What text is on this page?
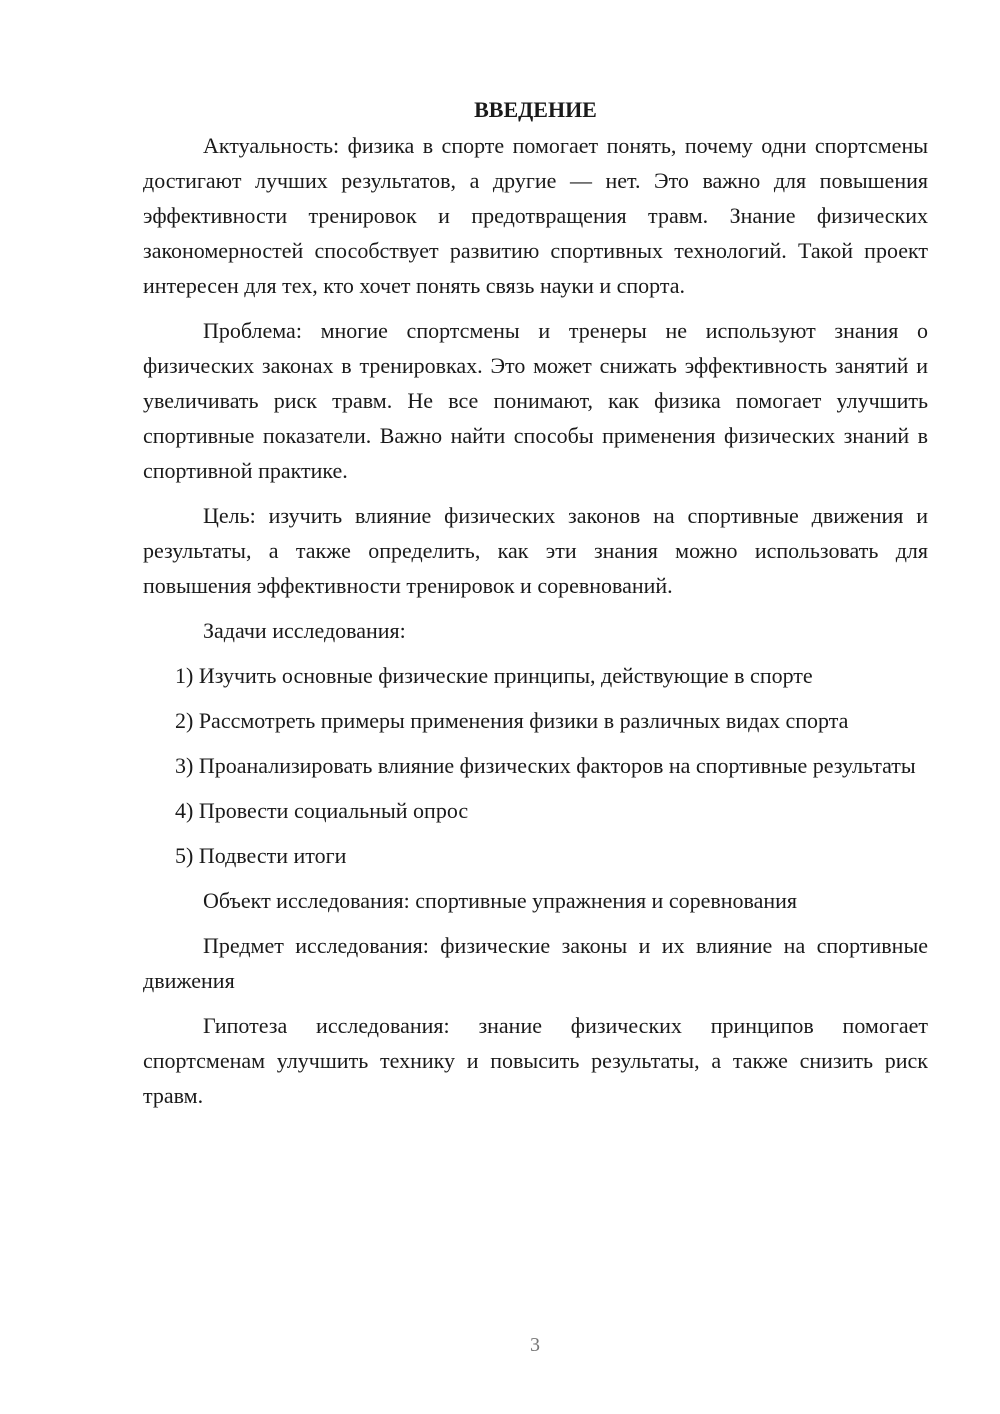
ВВЕДЕНИЕ

Актуальность: физика в спорте помогает понять, почему одни спортсмены достигают лучших результатов, а другие — нет. Это важно для повышения эффективности тренировок и предотвращения травм. Знание физических закономерностей способствует развитию спортивных технологий. Такой проект интересен для тех, кто хочет понять связь науки и спорта.

Проблема: многие спортсмены и тренеры не используют знания о физических законах в тренировках. Это может снижать эффективность занятий и увеличивать риск травм. Не все понимают, как физика помогает улучшить спортивные показатели. Важно найти способы применения физических знаний в спортивной практике.

Цель: изучить влияние физических законов на спортивные движения и результаты, а также определить, как эти знания можно использовать для повышения эффективности тренировок и соревнований.

Задачи исследования:

1) Изучить основные физические принципы, действующие в спорте

2) Рассмотреть примеры применения физики в различных видах спорта

3) Проанализировать влияние физических факторов на спортивные результаты

4) Провести социальный опрос

5) Подвести итоги

Объект исследования: спортивные упражнения и соревнования

Предмет исследования: физические законы и их влияние на спортивные движения

Гипотеза исследования: знание физических принципов помогает спортсменам улучшить технику и повысить результаты, а также снизить риск травм.

3
